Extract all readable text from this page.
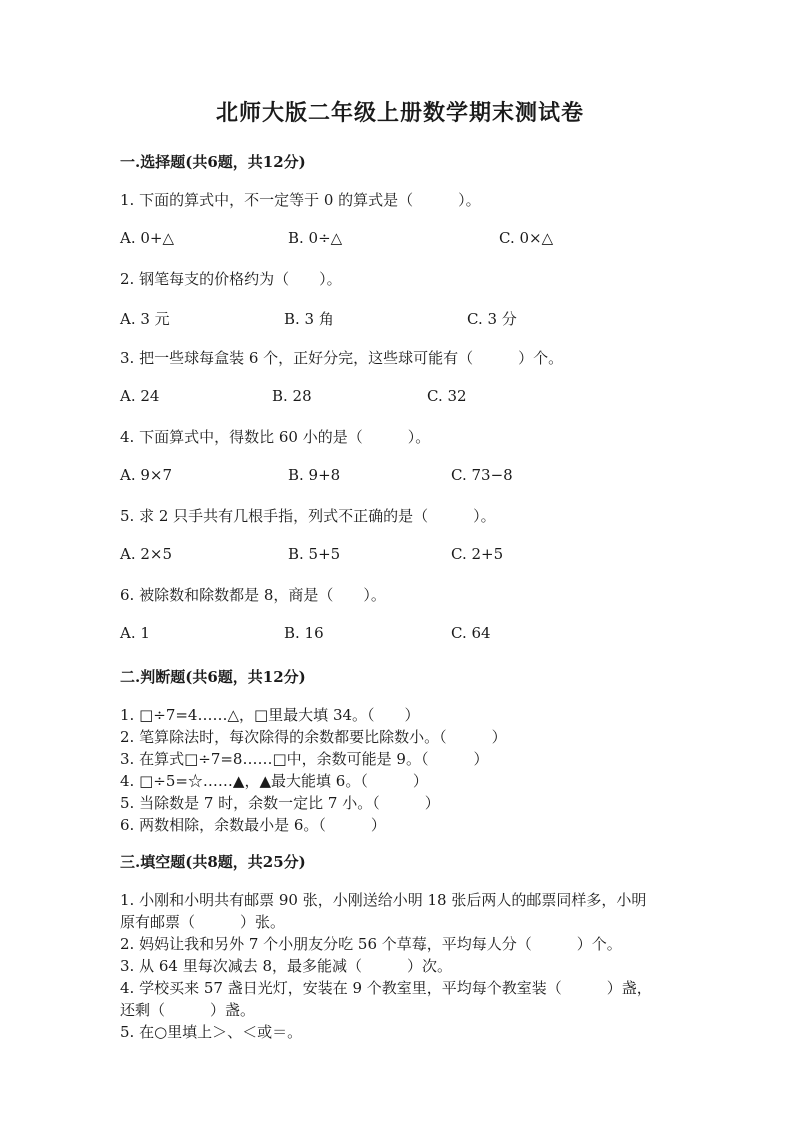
北师大版二年级上册数学期末测试卷
一.选择题(共6题，共12分)
1. 下面的算式中，不一定等于 0 的算式是（　　　）。
A. 0+△	B. 0÷△	C. 0×△
2. 钢笔每支的价格约为（　　）。
A. 3 元	B. 3 角	C. 3 分
3. 把一些球每盒装 6 个，正好分完，这些球可能有（　　　）个。
A. 24	B. 28	C. 32
4. 下面算式中，得数比 60 小的是（　　　）。
A. 9×7	B. 9+8	C. 73−8
5. 求 2 只手共有几根手指，列式不正确的是（　　　）。
A. 2×5	B. 5+5	C. 2+5
6. 被除数和除数都是 8，商是（　　）。
A. 1	B. 16	C. 64
二.判断题(共6题，共12分)
1. □÷7=4……△，□里最大填 34。（　　）
2. 笔算除法时，每次除得的余数都要比除数小。（　　　）
3. 在算式□÷7=8……□中，余数可能是 9。（　　　）
4. □÷5=☆……▲，▲最大能填 6。（　　　）
5. 当除数是 7 时，余数一定比 7 小。（　　　）
6. 两数相除，余数最小是 6。（　　　）
三.填空题(共8题，共25分)
1. 小刚和小明共有邮票 90 张，小刚送给小明 18 张后两人的邮票同样多，小明
原有邮票（　　　）张。
2. 妈妈让我和另外 7 个小朋友分吃 56 个草莓，平均每人分（　　　）个。
3. 从 64 里每次减去 8，最多能减（　　　）次。
4. 学校买来 57 盏日光灯，安装在 9 个教室里，平均每个教室装（　　　）盏，
还剩（　　　）盏。
5. 在○里填上＞、＜或＝。
